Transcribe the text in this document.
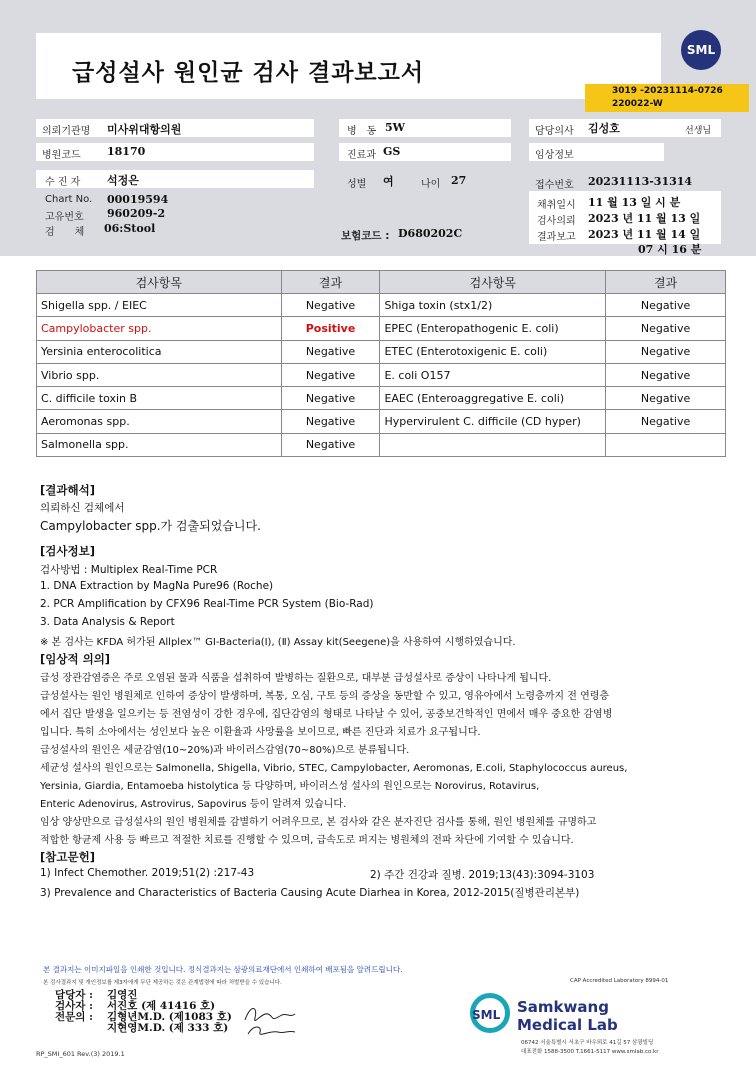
급성설사 원인균 검사 결과보고서
SML
3019 -20231114-0726
220022-W
의뢰기관명 미사위대항의원
병원코드 18170
수 진 자 석정은
Chart No. 00019594
고유번호 960209-2
검　　체 06:Stool
병　동 5W
진료과 GS
성별 여	나이 27
보험코드 : D680202C
담당의사 김성호	선생님
임상정보
접수번호 20231113-31314
채취일시 11 월 13 일 시 분
검사의뢰 2023 년 11 월 13 일
결과보고 2023 년 11 월 14 일
07 시 16 분
검사항목	결과	검사항목	결과
Shigella spp. / EIEC	Negative	Shiga toxin (stx1/2)	Negative
Campylobacter spp.	Positive	EPEC (Enteropathogenic E. coli)	Negative
Yersinia enterocolitica	Negative	ETEC (Enterotoxigenic E. coli)	Negative
Vibrio spp.	Negative	E. coli O157	Negative
C. difficile toxin B	Negative	EAEC (Enteroaggregative E. coli)	Negative
Aeromonas spp.	Negative	Hypervirulent C. difficile (CD hyper)	Negative
Salmonella spp.	Negative		
[결과해석]
의뢰하신 검체에서
Campylobacter spp.가 검출되었습니다.
[검사정보]
검사방법 : Multiplex Real-Time PCR
1. DNA Extraction by MagNa Pure96 (Roche)
2. PCR Amplification by CFX96 Real-Time PCR System (Bio-Rad)
3. Data Analysis & Report
※ 본 검사는 KFDA 허가된 Allplex™ GI-Bacteria(Ⅰ), (Ⅱ) Assay kit(Seegene)을 사용하여 시행하였습니다.
[임상적 의의]
급성 장관감염증은 주로 오염된 물과 식품을 섭취하여 발병하는 질환으로, 대부분 급성설사로 증상이 나타나게 됩니다.
급성설사는 원인 병원체로 인하여 증상이 발생하며, 복통, 오심, 구토 등의 증상을 동반할 수 있고, 영유아에서 노령층까지 전 연령층
에서 집단 발생을 일으키는 등 전염성이 강한 경우에, 집단감염의 형태로 나타날 수 있어, 공중보건학적인 면에서 매우 중요한 감염병
입니다. 특히 소아에서는 성인보다 높은 이환율과 사망률을 보이므로, 빠른 진단과 치료가 요구됩니다.
급성설사의 원인은 세균감염(10~20%)과 바이러스감염(70~80%)으로 분류됩니다.
세균성 설사의 원인으로는 Salmonella, Shigella, Vibrio, STEC, Campylobacter, Aeromonas, E.coli, Staphylococcus aureus,
Yersinia, Giardia, Entamoeba histolytica 등 다양하며, 바이러스성 설사의 원인으로는 Norovirus, Rotavirus,
Enteric Adenovirus, Astrovirus, Sapovirus 등이 알려져 있습니다.
임상 양상만으로 급성설사의 원인 병원체를 감별하기 어려우므로, 본 검사와 같은 분자진단 검사를 통해, 원인 병원체를 규명하고
적합한 항균제 사용 등 빠르고 적절한 치료를 진행할 수 있으며, 급속도로 퍼지는 병원체의 전파 차단에 기여할 수 있습니다.
[참고문헌]
1) Infect Chemother. 2019;51(2) :217-43	2) 주간 건강과 질병. 2019;13(43):3094-3103
3) Prevalence and Characteristics of Bacteria Causing Acute Diarhea in Korea, 2012-2015(질병관리본부)
본 결과지는 이미지파일을 인쇄한 것입니다. 정식결과지는 삼광의료재단에서 인쇄하여 배포됨을 알려드립니다.
본 검사결과지 및 개인정보를 제3자에게 무단 제공하는 것은 관계법령에 따라 처벌받을 수 있습니다.	CAP Accredited Laboratory 8994-01
담당자 : 김영진
검사자 : 서진호 (제 41416 호)
전문의 : 김형년M.D. (제1083 호)
지현영M.D. (제 333 호)
SML Samkwang
Medical Lab
06742 서울특별시 서초구 바우뫼로 41길 57 삼광빌딩
대표전화 1588-3500 T.1661-5117 www.smlab.co.kr
RP_SMI_601 Rev.(3) 2019.1
